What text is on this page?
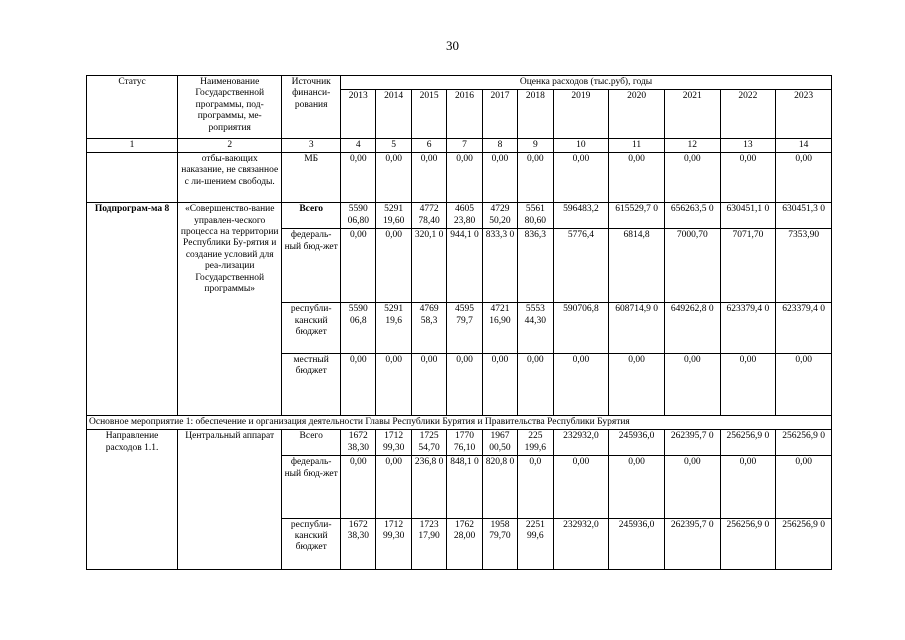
30
Статус	Наименование Государственной программы, под-программы, ме-роприятия	Источник финанси-рования	Оценка расходов (тыс.руб), годы										
			2013	2014	2015	2016	2017	2018	2019	2020	2021	2022	2023
1	2	3	4	5	6	7	8	9	10	11	12	13	14
	отбы-вающих наказание, не связанное с ли-шением свободы.	МБ	0,00	0,00	0,00	0,00	0,00	0,00	0,00	0,00	0,00	0,00	0,00
Подпрограм-ма 8	«Совершенство-вание управлен-ческого процесса на территории Республики Бу-рятия и создание условий для реа-лизации Государственной программы»	Всего	5590 06,80	5291 19,60	4772 78,40	4605 23,80	4729 50,20	5561 80,60	596483,2	615529,7 0	656263,5 0	630451,1 0	630451,3 0
		федераль-ный бюд-жет	0,00	0,00	320,1 0	944,1 0	833,3 0	836,3	5776,4	6814,8	7000,70	7071,70	7353,90
		республи-канский бюджет	5590 06,8	5291 19,6	4769 58,3	4595 79,7	4721 16,90	5553 44,30	590706,8	608714,9 0	649262,8 0	623379,4 0	623379,4 0
		местный бюджет	0,00	0,00	0,00	0,00	0,00	0,00	0,00	0,00	0,00	0,00	0,00
Основное мероприятие 1: обеспечение и организация деятельности Главы Республики Бурятия и Правительства Республики Бурятия													
Направление расходов 1.1.	Центральный аппарат	Всего	1672 38,30	1712 99,30	1725 54,70	1770 76,10	1967 00,50	225 199,6	232932,0	245936,0	262395,7 0	256256,9 0	256256,9 0
		федераль-ный бюд-жет	0,00	0,00	236,8 0	848,1 0	820,8 0	0,0	0,00	0,00	0,00	0,00	0,00
		республи-канский бюджет	1672 38,30	1712 99,30	1723 17,90	1762 28,00	1958 79,70	2251 99,6	232932,0	245936,0	262395,7 0	256256,9 0	256256,9 0
